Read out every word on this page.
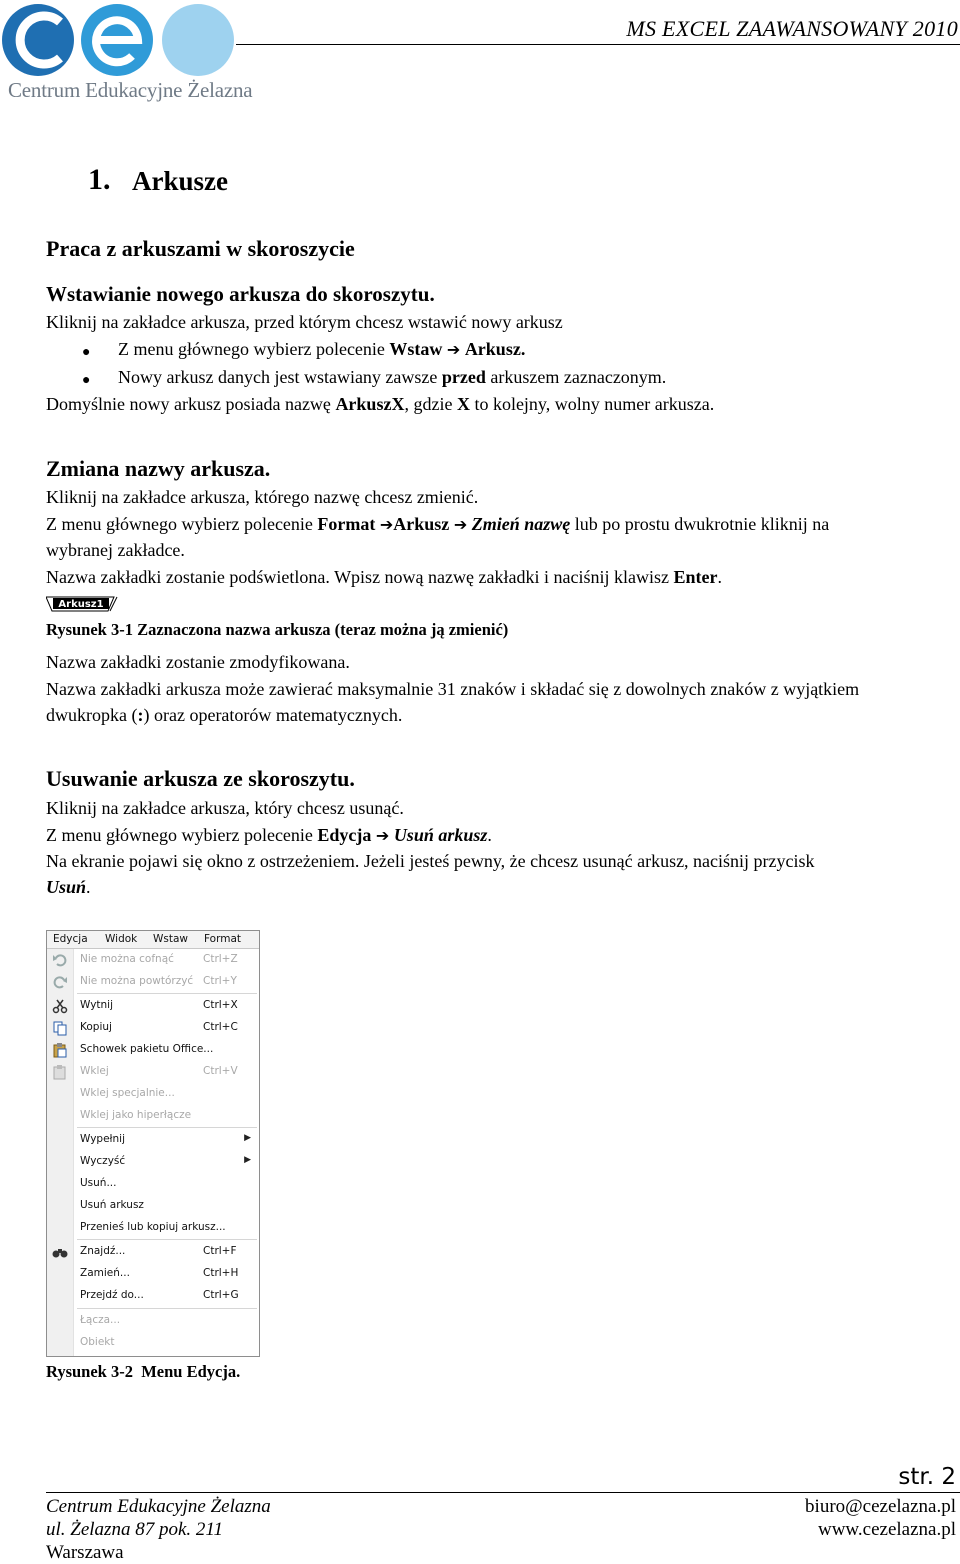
Centrum Edukacyjne Żelazna
MS EXCEL ZAAWANSOWANY 2010
1. Arkusze
Praca z arkuszami w skoroszycie
Wstawianie nowego arkusza do skoroszytu.
Kliknij na zakładce arkusza, przed którym chcesz wstawić nowy arkusz
● Z menu głównego wybierz polecenie Wstaw ➔ Arkusz.
● Nowy arkusz danych jest wstawiany zawsze przed arkuszem zaznaczonym.
Domyślnie nowy arkusz posiada nazwę ArkuszX, gdzie X to kolejny, wolny numer arkusza.
Zmiana nazwy arkusza.
Kliknij na zakładce arkusza, którego nazwę chcesz zmienić.
Z menu głównego wybierz polecenie Format ➔Arkusz ➔ Zmień nazwę lub po prostu dwukrotnie kliknij na
wybranej zakładce.
Nazwa zakładki zostanie podświetlona. Wpisz nową nazwę zakładki i naciśnij klawisz Enter.
Arkusz1
Rysunek 3-1 Zaznaczona nazwa arkusza (teraz można ją zmienić)
Nazwa zakładki zostanie zmodyfikowana.
Nazwa zakładki arkusza może zawierać maksymalnie 31 znaków i składać się z dowolnych znaków z wyjątkiem
dwukropka (:) oraz operatorów matematycznych.
Usuwanie arkusza ze skoroszytu.
Kliknij na zakładce arkusza, który chcesz usunąć.
Z menu głównego wybierz polecenie Edycja ➔ Usuń arkusz.
Na ekranie pojawi się okno z ostrzeżeniem. Jeżeli jesteś pewny, że chcesz usunąć arkusz, naciśnij przycisk
Usuń.
Edycja Widok Wstaw Format
Nie można cofnąć	Ctrl+Z
Nie można powtórzyć Ctrl+Y
Wytnij	Ctrl+X
Kopiuj	Ctrl+C
Schowek pakietu Office...
Wklej	Ctrl+V
Wklej specjalnie...
Wklej jako hiperłącze
Wypełnij	▶
Wyczyść	▶
Usuń...
Usuń arkusz
Przenieś lub kopiuj arkusz...
Znajdź...	Ctrl+F
Zamień...	Ctrl+H
Przejdź do...	Ctrl+G
Łącza...
Obiekt
Rysunek 3-2 Menu Edycja.
str. 2
Centrum Edukacyjne Żelazna
ul. Żelazna 87 pok. 211
Warszawa
biuro@cezelazna.pl
www.cezelazna.pl
